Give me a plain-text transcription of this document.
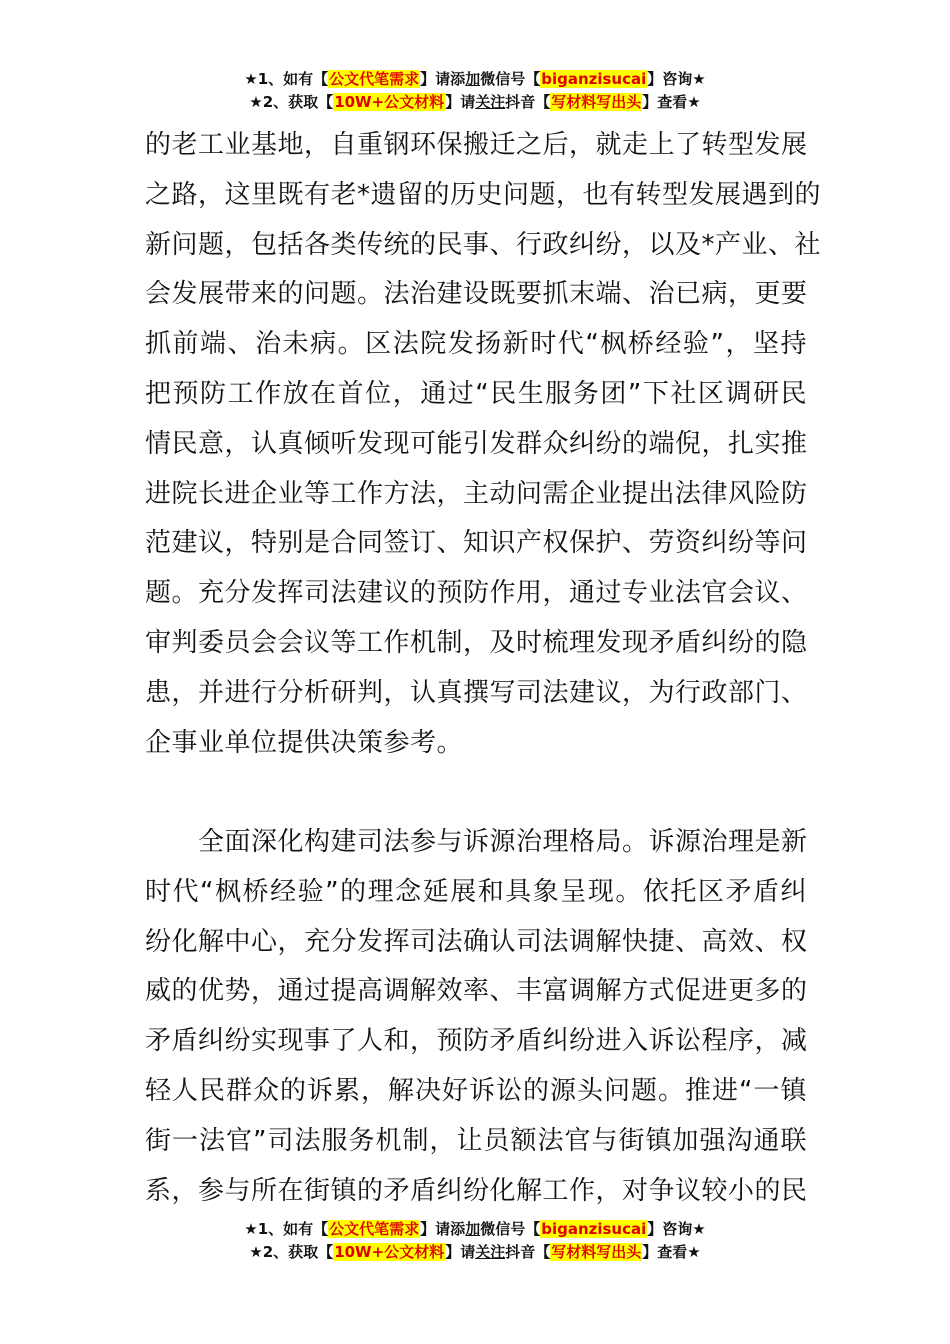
★1、如有【公文代笔需求】请添加微信号【biganzisucai】咨询★
★2、获取【10W+公文材料】请关注抖音【写材料写出头】查看★
的老工业基地，自重钢环保搬迁之后，就走上了转型发展
之路，这里既有老*遗留的历史问题，也有转型发展遇到的
新问题，包括各类传统的民事、行政纠纷，以及*产业、社
会发展带来的问题。法治建设既要抓末端、治已病，更要
抓前端、治未病。区法院发扬新时代“枫桥经验”，坚持
把预防工作放在首位，通过“民生服务团”下社区调研民
情民意，认真倾听发现可能引发群众纠纷的端倪，扎实推
进院长进企业等工作方法，主动问需企业提出法律风险防
范建议，特别是合同签订、知识产权保护、劳资纠纷等问
题。充分发挥司法建议的预防作用，通过专业法官会议、
审判委员会会议等工作机制，及时梳理发现矛盾纠纷的隐
患，并进行分析研判，认真撰写司法建议，为行政部门、
企事业单位提供决策参考。
　　全面深化构建司法参与诉源治理格局。诉源治理是新
时代“枫桥经验”的理念延展和具象呈现。依托区矛盾纠
纷化解中心，充分发挥司法确认司法调解快捷、高效、权
威的优势，通过提高调解效率、丰富调解方式促进更多的
矛盾纠纷实现事了人和，预防矛盾纠纷进入诉讼程序，减
轻人民群众的诉累，解决好诉讼的源头问题。推进“一镇
街一法官”司法服务机制，让员额法官与街镇加强沟通联
系，参与所在街镇的矛盾纠纷化解工作，对争议较小的民
★1、如有【公文代笔需求】请添加微信号【biganzisucai】咨询★
★2、获取【10W+公文材料】请关注抖音【写材料写出头】查看★
